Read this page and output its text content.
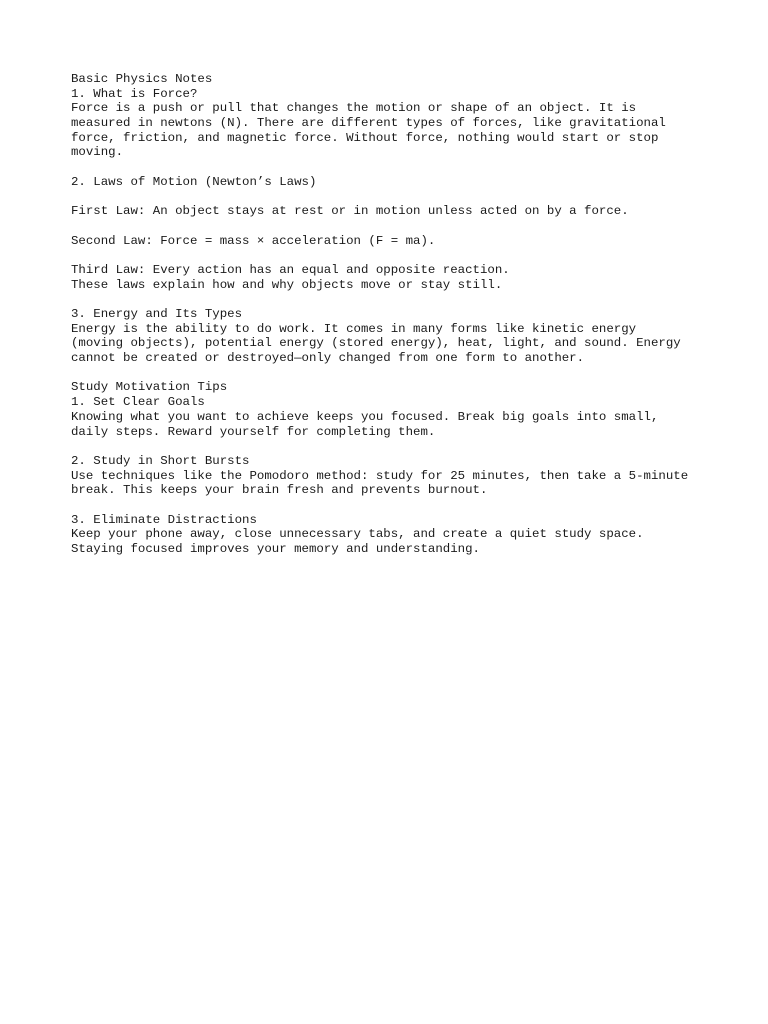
Basic Physics Notes
1. What is Force?
Force is a push or pull that changes the motion or shape of an object. It is
measured in newtons (N). There are different types of forces, like gravitational
force, friction, and magnetic force. Without force, nothing would start or stop
moving.
2. Laws of Motion (Newton’s Laws)
First Law: An object stays at rest or in motion unless acted on by a force.
Second Law: Force = mass × acceleration (F = ma).
Third Law: Every action has an equal and opposite reaction.
These laws explain how and why objects move or stay still.
3. Energy and Its Types
Energy is the ability to do work. It comes in many forms like kinetic energy
(moving objects), potential energy (stored energy), heat, light, and sound. Energy
cannot be created or destroyed—only changed from one form to another.
Study Motivation Tips
1. Set Clear Goals
Knowing what you want to achieve keeps you focused. Break big goals into small,
daily steps. Reward yourself for completing them.
2. Study in Short Bursts
Use techniques like the Pomodoro method: study for 25 minutes, then take a 5-minute
break. This keeps your brain fresh and prevents burnout.
3. Eliminate Distractions
Keep your phone away, close unnecessary tabs, and create a quiet study space.
Staying focused improves your memory and understanding.
